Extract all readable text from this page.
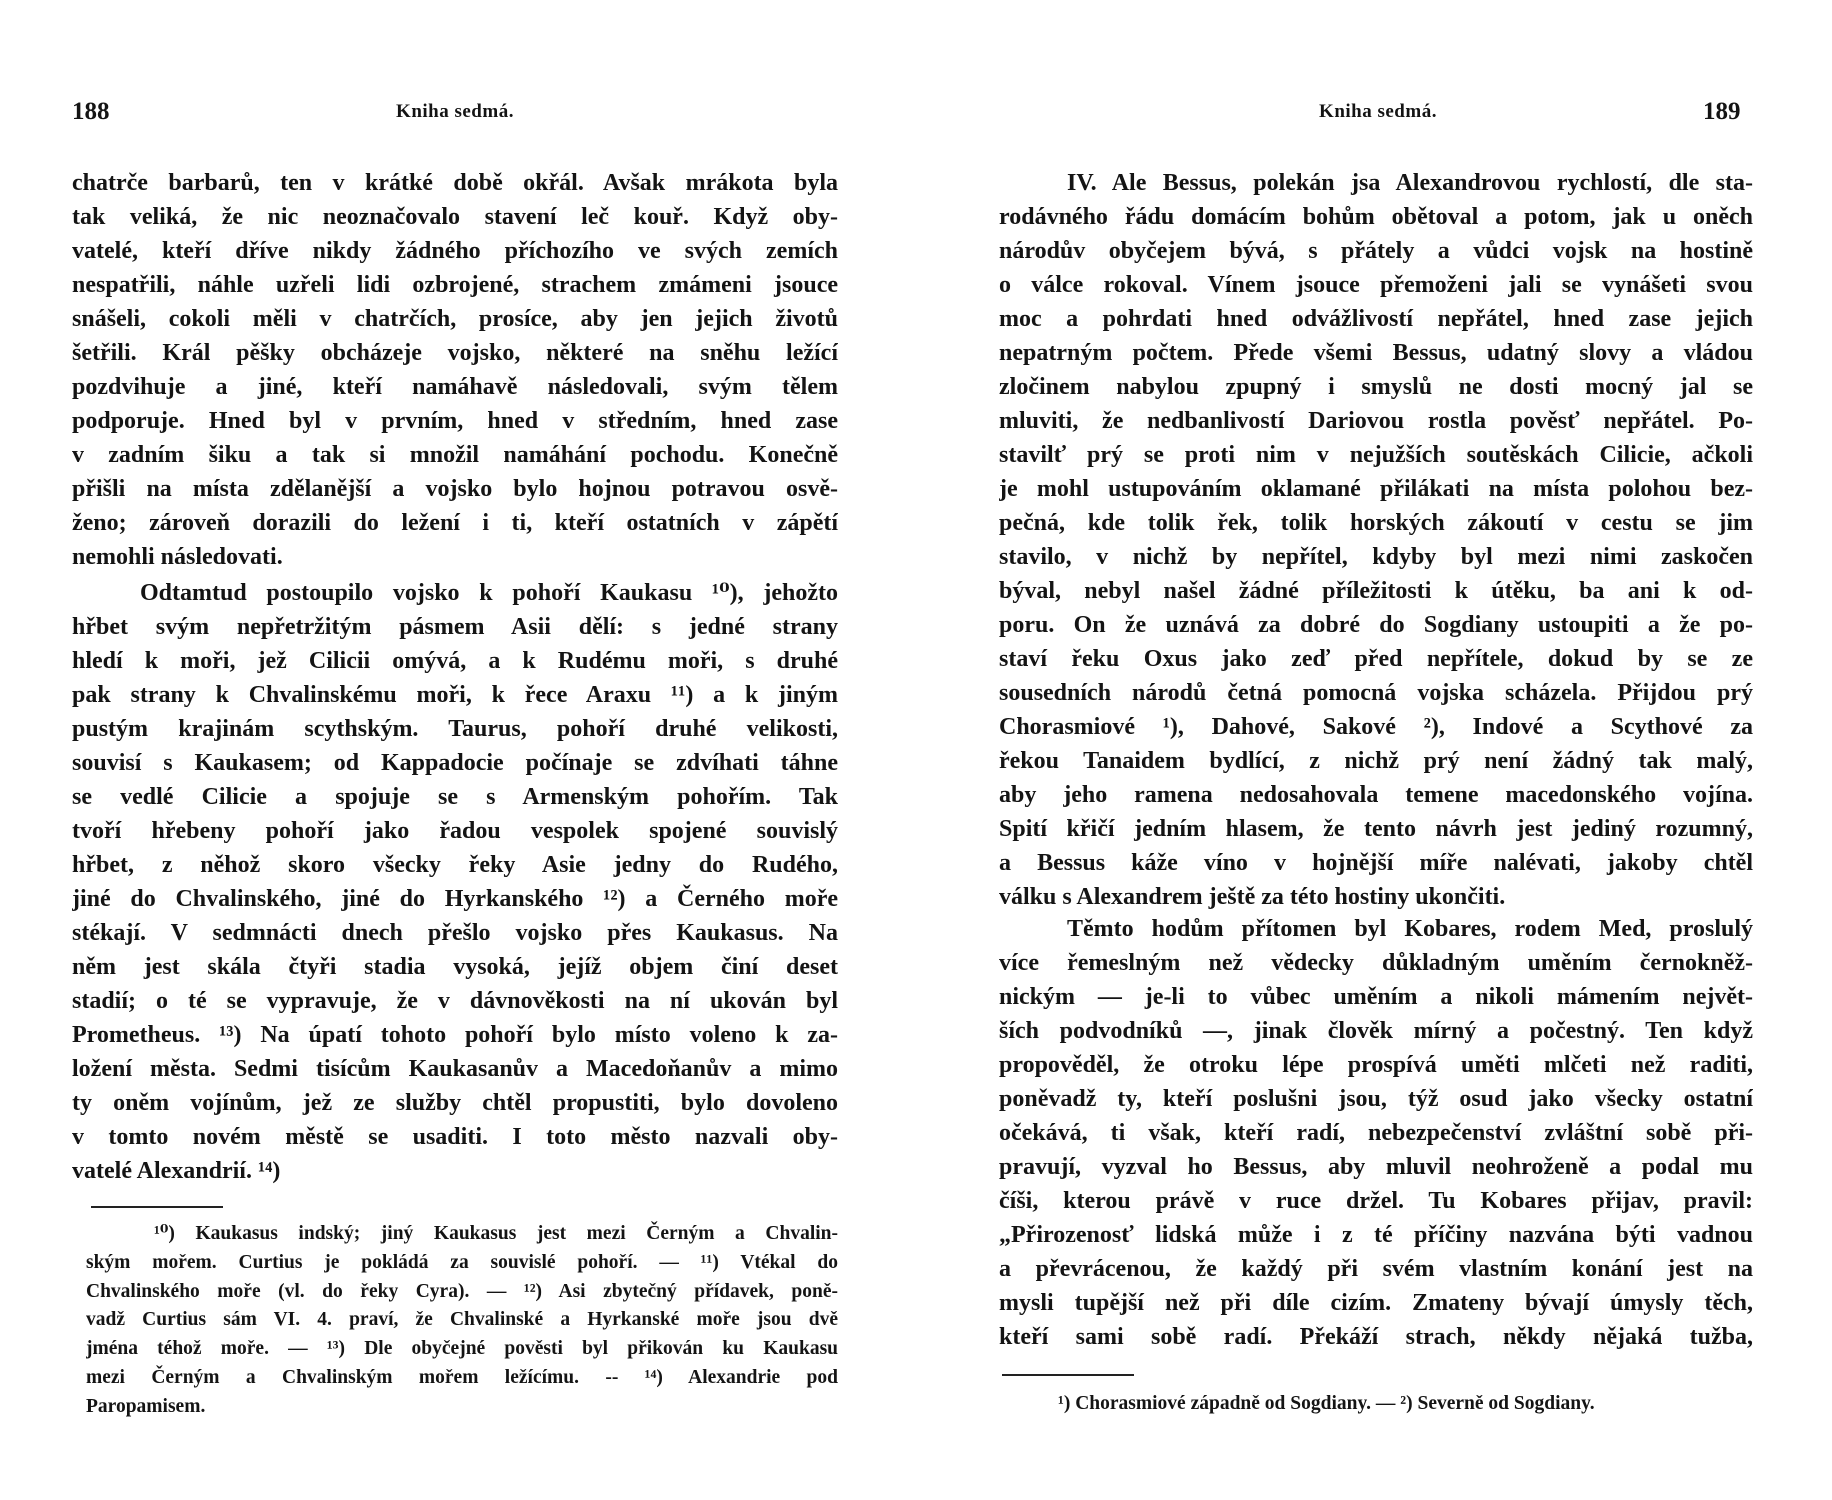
188	Kniha sedmá.
chatrče barbarů, ten v krátké době okřál. Avšak mrákota byla
tak veliká, že nic neoznačovalo stavení leč kouř. Když oby-
vatelé, kteří dříve nikdy žádného příchozího ve svých zemích
nespatřili, náhle uzřeli lidi ozbrojené, strachem zmámeni jsouce
snášeli, cokoli měli v chatrčích, prosíce, aby jen jejich životů
šetřili. Král pěšky obcházeje vojsko, některé na sněhu ležící
pozdvihuje a jiné, kteří namáhavě následovali, svým tělem
podporuje. Hned byl v prvním, hned v středním, hned zase
v zadním šiku a tak si množil namáhání pochodu. Konečně
přišli na místa zdělanější a vojsko bylo hojnou potravou osvě-
ženo; zároveň dorazili do ležení i ti, kteří ostatních v zápětí
nemohli následovati.
Odtamtud postoupilo vojsko k pohoří Kaukasu ¹⁰), jehožto
hřbet svým nepřetržitým pásmem Asii dělí: s jedné strany
hledí k moři, jež Cilicii omývá, a k Rudému moři, s druhé
pak strany k Chvalinskému moři, k řece Araxu ¹¹) a k jiným
pustým krajinám scythským. Taurus, pohoří druhé velikosti,
souvisí s Kaukasem; od Kappadocie počínaje se zdvíhati táhne
se vedlé Cilicie a spojuje se s Armenským pohořím. Tak
tvoří hřebeny pohoří jako řadou vespolek spojené souvislý
hřbet, z něhož skoro všecky řeky Asie jedny do Rudého,
jiné do Chvalinského, jiné do Hyrkanského ¹²) a Černého moře
stékají. V sedmnácti dnech přešlo vojsko přes Kaukasus. Na
něm jest skála čtyři stadia vysoká, jejíž objem činí deset
stadií; o té se vypravuje, že v dávnověkosti na ní ukován byl
Prometheus. ¹³) Na úpatí tohoto pohoří bylo místo voleno k za-
ložení města. Sedmi tisícům Kaukasanův a Macedoňanův a mimo
ty oněm vojínům, jež ze služby chtěl propustiti, bylo dovoleno
v tomto novém městě se usaditi. I toto město nazvali oby-
vatelé Alexandrií. ¹⁴)
¹⁰) Kaukasus indský; jiný Kaukasus jest mezi Černým a Chvalin-
ským mořem. Curtius je pokládá za souvislé pohoří. — ¹¹) Vtékal do
Chvalinského moře (vl. do řeky Cyra). — ¹²) Asi zbytečný přídavek, poně-
vadž Curtius sám VI. 4. praví, že Chvalinské a Hyrkanské moře jsou dvě
jména téhož moře. — ¹³) Dle obyčejné pověsti byl přikován ku Kaukasu
mezi Černým a Chvalinským mořem ležícímu. -- ¹⁴) Alexandrie pod
Paropamisem.
Kniha sedmá.	189
IV. Ale Bessus, polekán jsa Alexandrovou rychlostí, dle sta-
rodávného řádu domácím bohům obětoval a potom, jak u oněch
národův obyčejem bývá, s přátely a vůdci vojsk na hostině
o válce rokoval. Vínem jsouce přemoženi jali se vynášeti svou
moc a pohrdati hned odvážlivostí nepřátel, hned zase jejich
nepatrným počtem. Přede všemi Bessus, udatný slovy a vládou
zločinem nabylou zpupný i smyslů ne dosti mocný jal se
mluviti, že nedbanlivostí Dariovou rostla pověsť nepřátel. Po-
stavilť prý se proti nim v nejužších soutěskách Cilicie, ačkoli
je mohl ustupováním oklamané přilákati na místa polohou bez-
pečná, kde tolik řek, tolik horských zákoutí v cestu se jim
stavilo, v nichž by nepřítel, kdyby byl mezi nimi zaskočen
býval, nebyl našel žádné příležitosti k útěku, ba ani k od-
poru. On že uznává za dobré do Sogdiany ustoupiti a že po-
staví řeku Oxus jako zeď před nepřítele, dokud by se ze
sousedních národů četná pomocná vojska scházela. Přijdou prý
Chorasmiové ¹), Dahové, Sakové ²), Indové a Scythové za
řekou Tanaidem bydlící, z nichž prý není žádný tak malý,
aby jeho ramena nedosahovala temene macedonského vojína.
Spití křičí jedním hlasem, že tento návrh jest jediný rozumný,
a Bessus káže víno v hojnější míře nalévati, jakoby chtěl
válku s Alexandrem ještě za této hostiny ukončiti.
Těmto hodům přítomen byl Kobares, rodem Med, proslulý
více řemeslným než vědecky důkladným uměním černokněž-
nickým — je-li to vůbec uměním a nikoli mámením největ-
ších podvodníků —, jinak člověk mírný a počestný. Ten když
propověděl, že otroku lépe prospívá uměti mlčeti než raditi,
poněvadž ty, kteří poslušni jsou, týž osud jako všecky ostatní
očekává, ti však, kteří radí, nebezpečenství zvláštní sobě při-
pravují, vyzval ho Bessus, aby mluvil neohroženě a podal mu
číši, kterou právě v ruce držel. Tu Kobares přijav, pravil:
„Přirozenosť lidská může i z té příčiny nazvána býti vadnou
a převrácenou, že každý při svém vlastním konání jest na
mysli tupější než při díle cizím. Zmateny bývají úmysly těch,
kteří sami sobě radí. Překáží strach, někdy nějaká tužba,
¹) Chorasmiové západně od Sogdiany. — ²) Severně od Sogdiany.
